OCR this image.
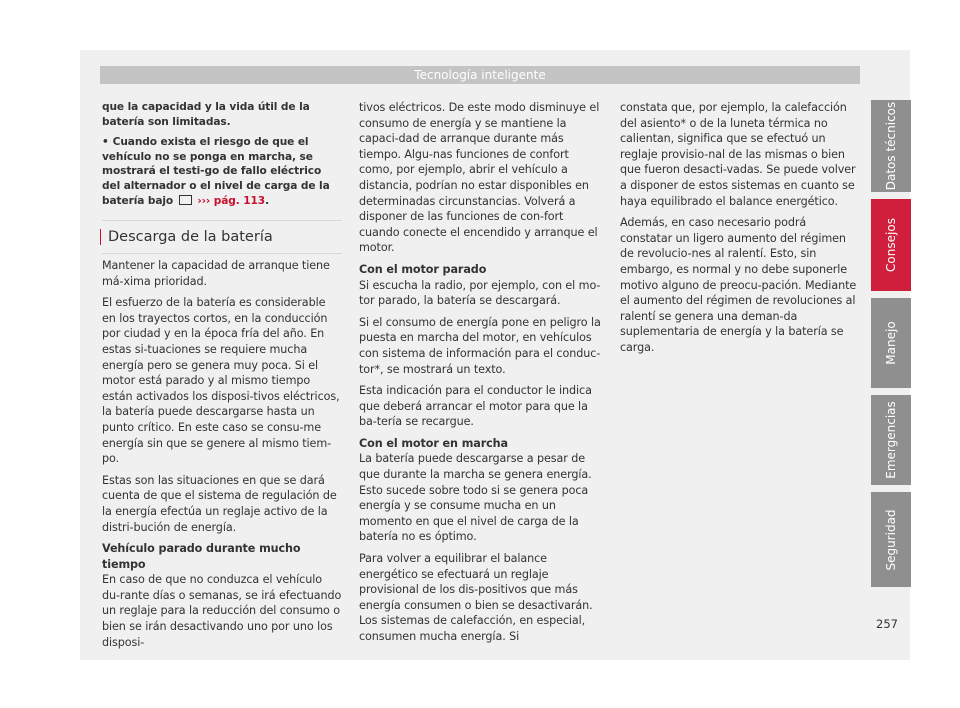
Tecnología inteligente

que la capacidad y la vida útil de la batería son limitadas.

• Cuando exista el riesgo de que el vehículo no se ponga en marcha, se mostrará el testi-go de fallo eléctrico del alternador o el nivel de carga de la batería bajo ››› pág. 113.

Descarga de la batería

Mantener la capacidad de arranque tiene má-xima prioridad.

El esfuerzo de la batería es considerable en los trayectos cortos, en la conducción por ciudad y en la época fría del año. En estas si-tuaciones se requiere mucha energía pero se genera muy poca. Si el motor está parado y al mismo tiempo están activados los disposi-tivos eléctricos, la batería puede descargarse hasta un punto crítico. En este caso se consu-me energía sin que se genere al mismo tiem-po.

Estas son las situaciones en que se dará cuenta de que el sistema de regulación de la energía efectúa un reglaje activo de la distri-bución de energía.

Vehículo parado durante mucho tiempo

En caso de que no conduzca el vehículo du-rante días o semanas, se irá efectuando un reglaje para la reducción del consumo o bien se irán desactivando uno por uno los disposi-

tivos eléctricos. De este modo disminuye el consumo de energía y se mantiene la capaci-dad de arranque durante más tiempo. Algu-nas funciones de confort como, por ejemplo, abrir el vehículo a distancia, podrían no estar disponibles en determinadas circunstancias. Volverá a disponer de las funciones de con-fort cuando conecte el encendido y arranque el motor.

Con el motor parado

Si escucha la radio, por ejemplo, con el mo-tor parado, la batería se descargará.

Si el consumo de energía pone en peligro la puesta en marcha del motor, en vehículos con sistema de información para el conduc-tor*, se mostrará un texto.

Esta indicación para el conductor le indica que deberá arrancar el motor para que la ba-tería se recargue.

Con el motor en marcha

La batería puede descargarse a pesar de que durante la marcha se genera energía. Esto sucede sobre todo si se genera poca energía y se consume mucha en un momento en que el nivel de carga de la batería no es óptimo.

Para volver a equilibrar el balance energético se efectuará un reglaje provisional de los dis-positivos que más energía consumen o bien se desactivarán. Los sistemas de calefacción, en especial, consumen mucha energía. Si

constata que, por ejemplo, la calefacción del asiento* o de la luneta térmica no calientan, significa que se efectuó un reglaje provisio-nal de las mismas o bien que fueron desacti-vadas. Se puede volver a disponer de estos sistemas en cuanto se haya equilibrado el balance energético.

Además, en caso necesario podrá constatar un ligero aumento del régimen de revolucio-nes al ralentí. Esto, sin embargo, es normal y no debe suponerle motivo alguno de preocu-pación. Mediante el aumento del régimen de revoluciones al ralentí se genera una deman-da suplementaria de energía y la batería se carga.

Datos técnicos
Consejos
Manejo
Emergencias
Seguridad
257
